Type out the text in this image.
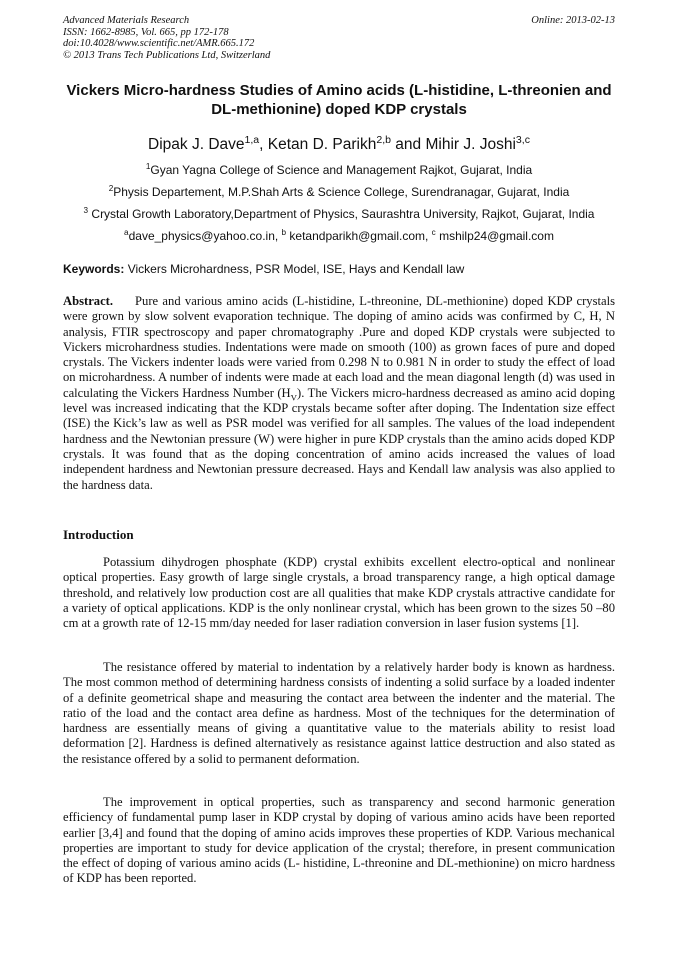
Advanced Materials Research
ISSN: 1662-8985, Vol. 665, pp 172-178
doi:10.4028/www.scientific.net/AMR.665.172
© 2013 Trans Tech Publications Ltd, Switzerland
Online: 2013-02-13
Vickers Micro-hardness Studies of Amino acids (L-histidine, L-threonien and DL-methionine) doped KDP crystals
Dipak J. Dave$^{1,a}$, Ketan D. Parikh$^{2,b}$ and Mihir J. Joshi$^{3,c}$
$^1$Gyan Yagna College of Science and Management Rajkot, Gujarat, India
$^2$Physis Departement, M.P.Shah Arts & Science College, Surendranagar, Gujarat, India
$^3$ Crystal Growth Laboratory,Department of Physics, Saurashtra University, Rajkot, Gujarat, India
$^a$dave_physics@yahoo.co.in, $^b$ ketandparikh@gmail.com, $^c$ mshilp24@gmail.com
Keywords: Vickers Microhardness, PSR Model, ISE, Hays and Kendall law
Abstract. Pure and various amino acids (L-histidine, L-threonine, DL-methionine) doped KDP crystals were grown by slow solvent evaporation technique. The doping of amino acids was confirmed by C, H, N analysis, FTIR spectroscopy and paper chromatography .Pure and doped KDP crystals were subjected to Vickers microhardness studies. Indentations were made on smooth (100) as grown faces of pure and doped crystals. The Vickers indenter loads were varied from 0.298 N to 0.981 N in order to study the effect of load on microhardness. A number of indents were made at each load and the mean diagonal length (d) was used in calculating the Vickers Hardness Number $(H_V)$. The Vickers micro-hardness decreased as amino acid doping level was increased indicating that the KDP crystals became softer after doping. The Indentation size effect (ISE) the Kick’s law as well as PSR model was verified for all samples. The values of the load independent hardness and the Newtonian pressure (W) were higher in pure KDP crystals than the amino acids doped KDP crystals. It was found that as the doping concentration of amino acids increased the values of load independent hardness and Newtonian pressure decreased. Hays and Kendall law analysis was also applied to the hardness data.
Introduction
Potassium dihydrogen phosphate (KDP) crystal exhibits excellent electro-optical and nonlinear optical properties. Easy growth of large single crystals, a broad transparency range, a high optical damage threshold, and relatively low production cost are all qualities that make KDP crystals attractive candidate for a variety of optical applications. KDP is the only nonlinear crystal, which has been grown to the sizes 50 –80 cm at a growth rate of 12-15 mm/day needed for laser radiation conversion in laser fusion systems [1].
The resistance offered by material to indentation by a relatively harder body is known as hardness. The most common method of determining hardness consists of indenting a solid surface by a loaded indenter of a definite geometrical shape and measuring the contact area between the indenter and the material. The ratio of the load and the contact area define as hardness. Most of the techniques for the determination of hardness are essentially means of giving a quantitative value to the materials ability to resist load deformation [2]. Hardness is defined alternatively as resistance against lattice destruction and also stated as the resistance offered by a solid to permanent deformation.
The improvement in optical properties, such as transparency and second harmonic generation efficiency of fundamental pump laser in KDP crystal by doping of various amino acids have been reported earlier [3,4] and found that the doping of amino acids improves these properties of KDP. Various mechanical properties are important to study for device application of the crystal; therefore, in present communication the effect of doping of various amino acids (L- histidine, L-threonine and DL-methionine) on micro hardness of KDP has been reported.
